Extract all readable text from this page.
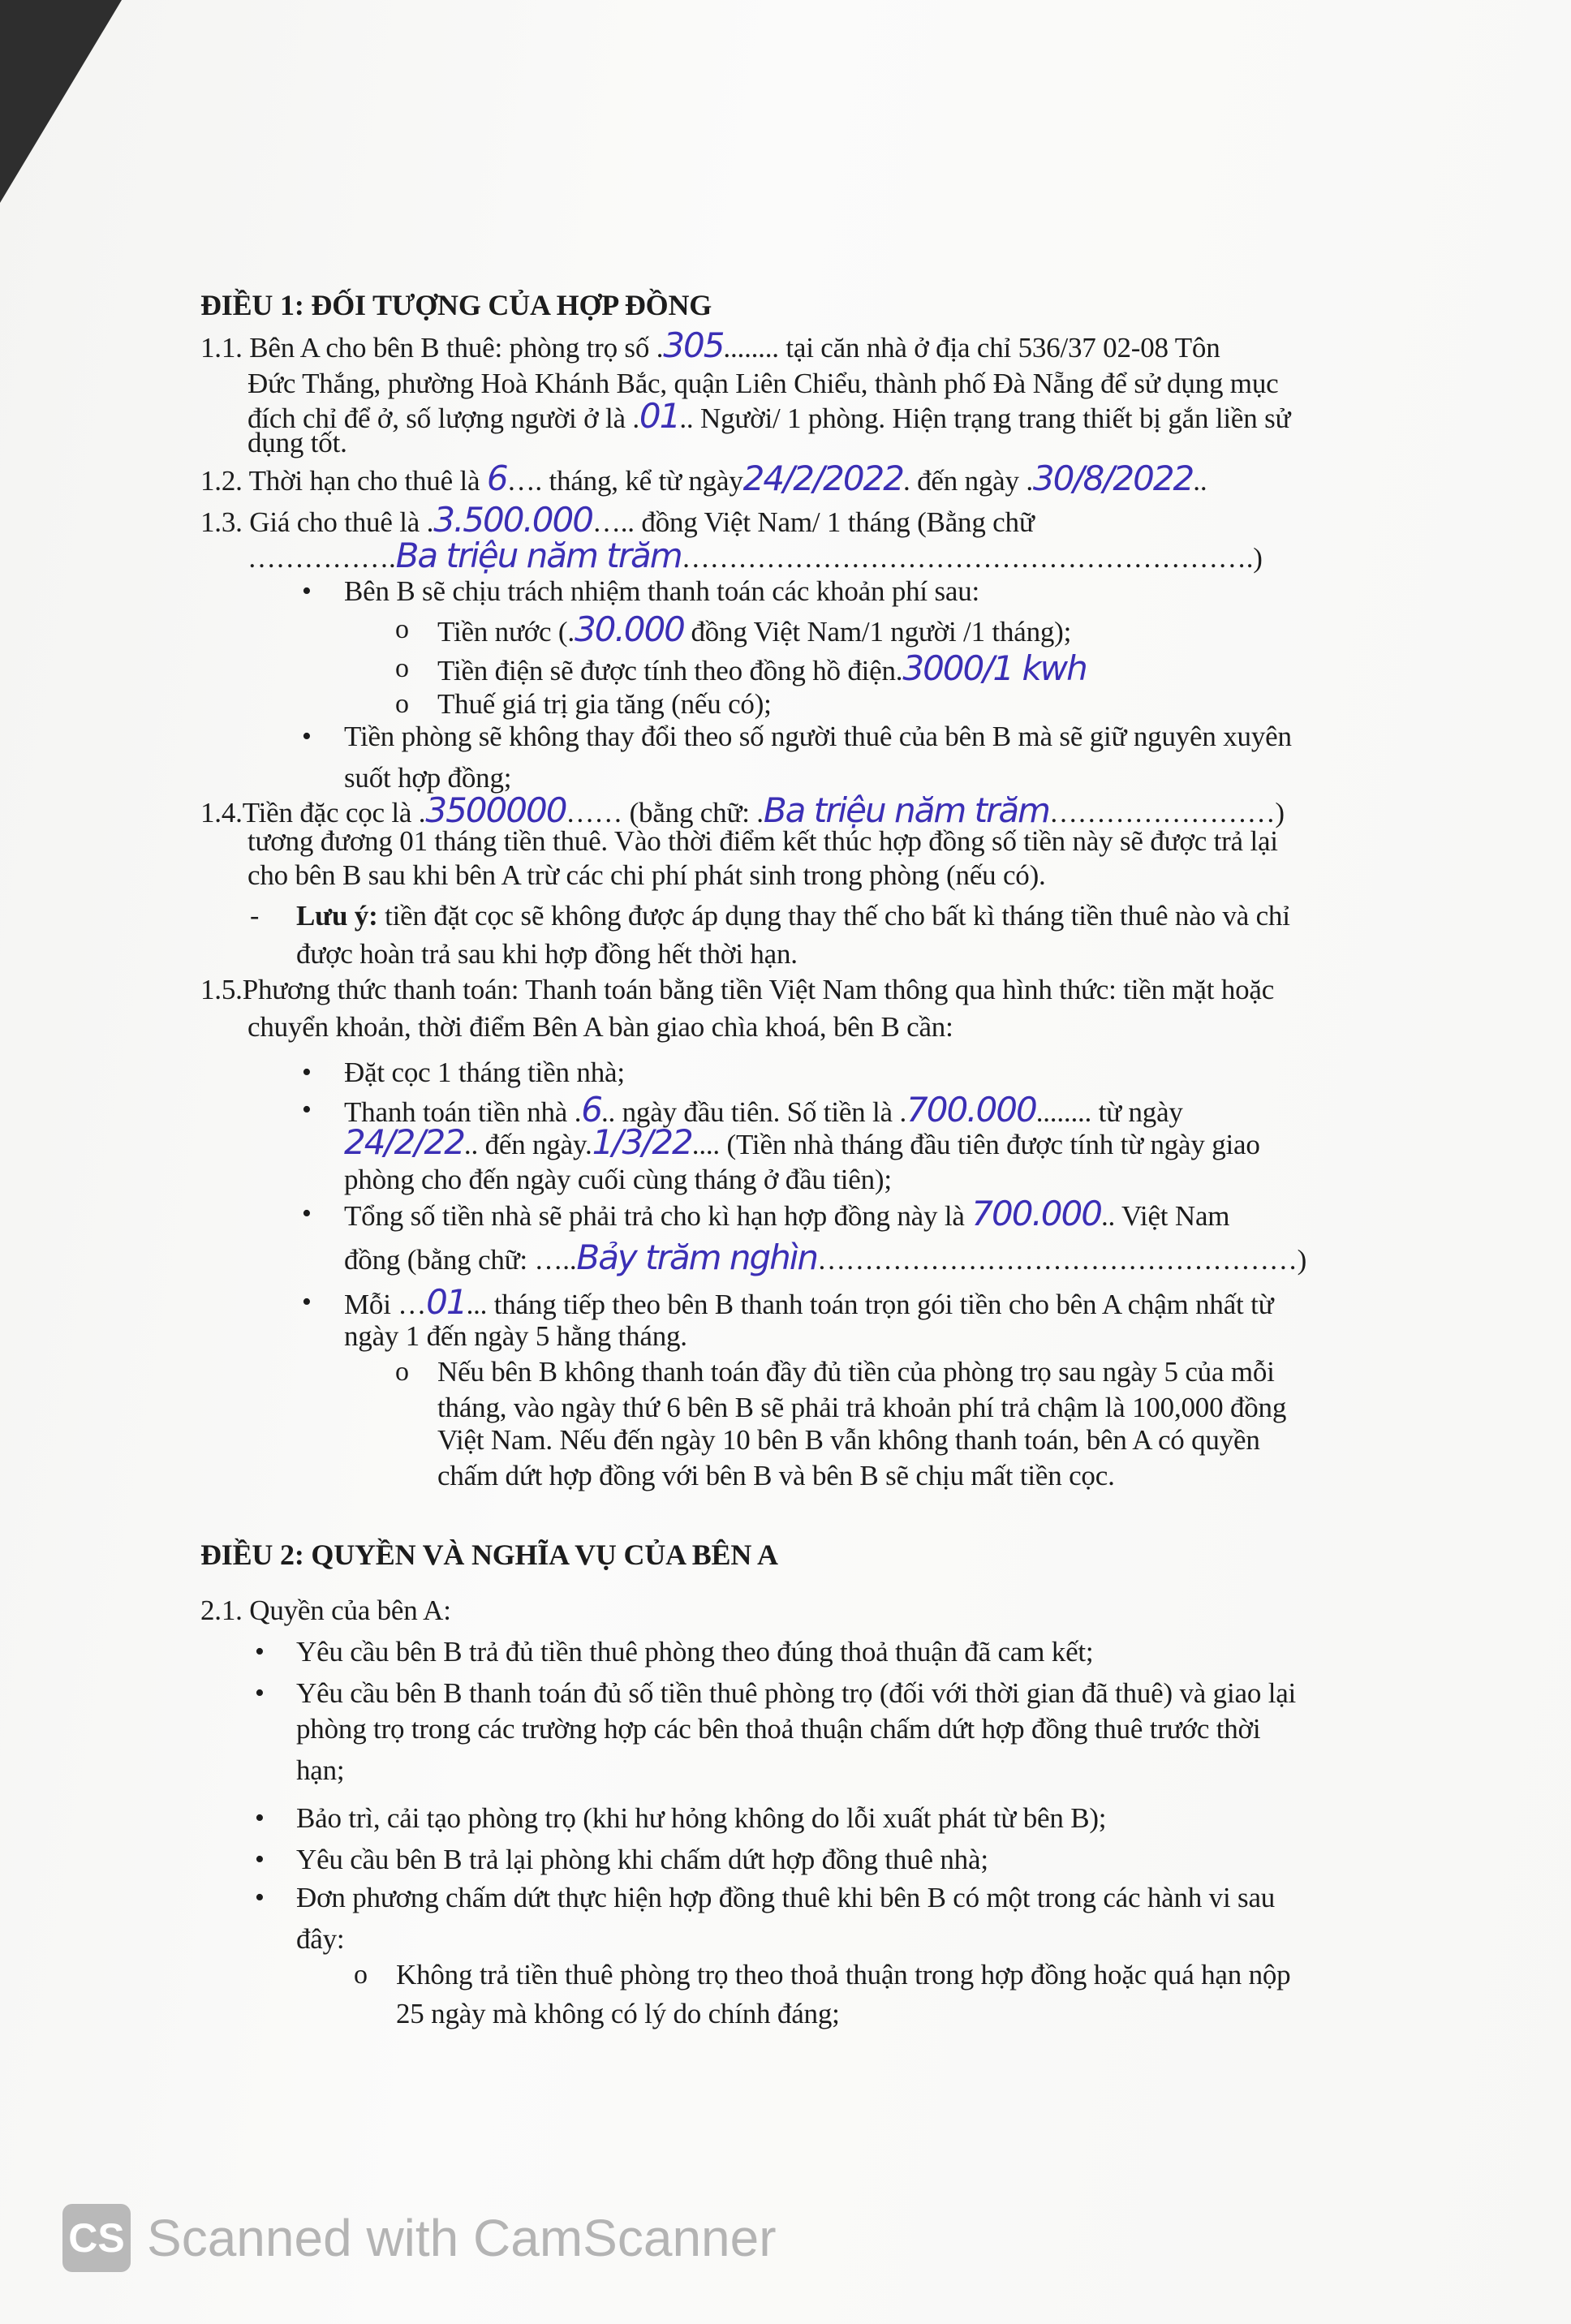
ĐIỀU 1: ĐỐI TƯỢNG CỦA HỢP ĐỒNG
1.1. Bên A cho bên B thuê: phòng trọ số .305........ tại căn nhà ở địa chỉ 536/37 02-08 Tôn
Đức Thắng, phường Hoà Khánh Bắc, quận Liên Chiểu, thành phố Đà Nẵng để sử dụng mục
đích chỉ để ở, số lượng người ở là .01.. Người/ 1 phòng. Hiện trạng trang thiết bị gắn liền sử
dụng tốt.
1.2. Thời hạn cho thuê là 6…. tháng, kể từ ngày24/2/2022. đến ngày .30/8/2022..
1.3. Giá cho thuê là .3.500.000….. đồng Việt Nam/ 1 tháng (Bằng chữ
…………….Ba triệu năm trăm…………………………………………………….)
• Bên B sẽ chịu trách nhiệm thanh toán các khoản phí sau:
o Tiền nước (.30.000 đồng Việt Nam/1 người /1 tháng);
o Tiền điện sẽ được tính theo đồng hồ điện.3000/1 kwh
o Thuế giá trị gia tăng (nếu có);
• Tiền phòng sẽ không thay đổi theo số người thuê của bên B mà sẽ giữ nguyên xuyên
suốt hợp đồng;
1.4.Tiền đặc cọc là .3500000…… (bằng chữ: .Ba triệu năm trăm……………………)
tương đương 01 tháng tiền thuê. Vào thời điểm kết thúc hợp đồng số tiền này sẽ được trả lại
cho bên B sau khi bên A trừ các chi phí phát sinh trong phòng (nếu có).
- Lưu ý: tiền đặt cọc sẽ không được áp dụng thay thế cho bất kì tháng tiền thuê nào và chỉ
được hoàn trả sau khi hợp đồng hết thời hạn.
1.5.Phương thức thanh toán: Thanh toán bằng tiền Việt Nam thông qua hình thức: tiền mặt hoặc
chuyển khoản, thời điểm Bên A bàn giao chìa khoá, bên B cần:
• Đặt cọc 1 tháng tiền nhà;
• Thanh toán tiền nhà .6.. ngày đầu tiên. Số tiền là .700.000........ từ ngày
24/2/22.. đến ngày.1/3/22.... (Tiền nhà tháng đầu tiên được tính từ ngày giao
phòng cho đến ngày cuối cùng tháng ở đầu tiên);
• Tổng số tiền nhà sẽ phải trả cho kì hạn hợp đồng này là 700.000.. Việt Nam
đồng (bằng chữ: …..Bảy trăm nghìn……………………………………………)
• Mỗi …01... tháng tiếp theo bên B thanh toán trọn gói tiền cho bên A chậm nhất từ
ngày 1 đến ngày 5 hằng tháng.
o Nếu bên B không thanh toán đầy đủ tiền của phòng trọ sau ngày 5 của mỗi
tháng, vào ngày thứ 6 bên B sẽ phải trả khoản phí trả chậm là 100,000 đồng
Việt Nam. Nếu đến ngày 10 bên B vẫn không thanh toán, bên A có quyền
chấm dứt hợp đồng với bên B và bên B sẽ chịu mất tiền cọc.
ĐIỀU 2: QUYỀN VÀ NGHĨA VỤ CỦA BÊN A
2.1. Quyền của bên A:
• Yêu cầu bên B trả đủ tiền thuê phòng theo đúng thoả thuận đã cam kết;
• Yêu cầu bên B thanh toán đủ số tiền thuê phòng trọ (đối với thời gian đã thuê) và giao lại
phòng trọ trong các trường hợp các bên thoả thuận chấm dứt hợp đồng thuê trước thời
hạn;
• Bảo trì, cải tạo phòng trọ (khi hư hỏng không do lỗi xuất phát từ bên B);
• Yêu cầu bên B trả lại phòng khi chấm dứt hợp đồng thuê nhà;
• Đơn phương chấm dứt thực hiện hợp đồng thuê khi bên B có một trong các hành vi sau
đây:
o Không trả tiền thuê phòng trọ theo thoả thuận trong hợp đồng hoặc quá hạn nộp
25 ngày mà không có lý do chính đáng;
CS Scanned with CamScanner
